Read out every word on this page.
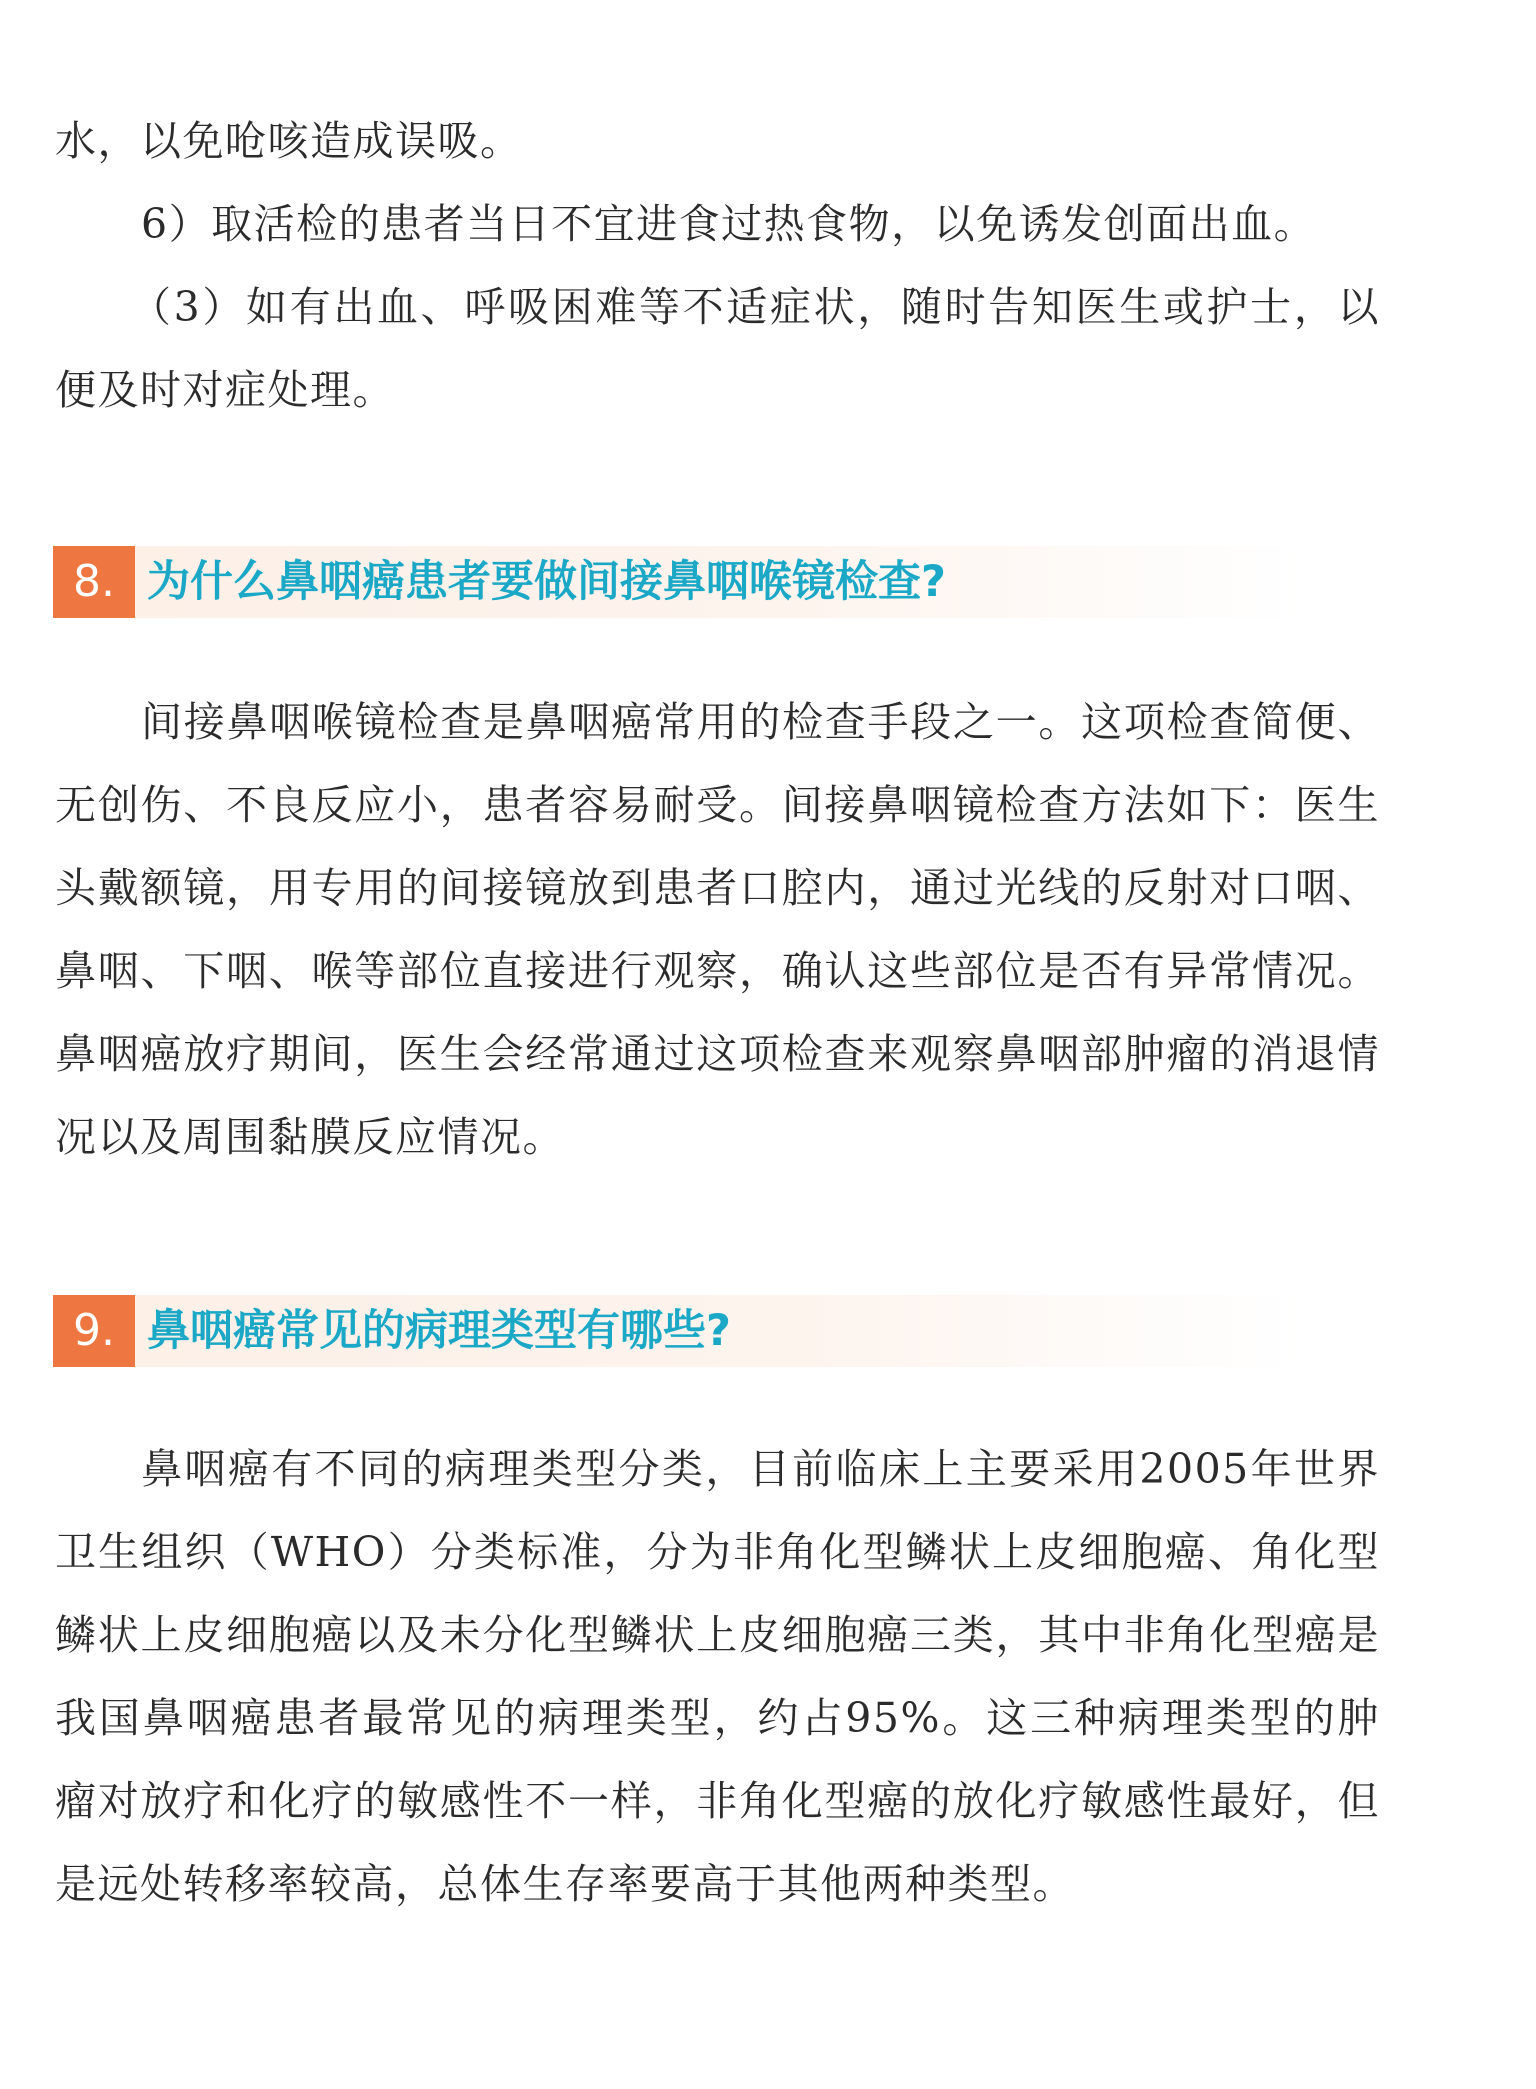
水，以免呛咳造成误吸。

6）取活检的患者当日不宜进食过热食物，以免诱发创面出血。

（3）如有出血、呼吸困难等不适症状，随时告知医生或护士，以便及时对症处理。

8. 为什么鼻咽癌患者要做间接鼻咽喉镜检查?

间接鼻咽喉镜检查是鼻咽癌常用的检查手段之一。这项检查简便、无创伤、不良反应小，患者容易耐受。间接鼻咽镜检查方法如下：医生头戴额镜，用专用的间接镜放到患者口腔内，通过光线的反射对口咽、鼻咽、下咽、喉等部位直接进行观察，确认这些部位是否有异常情况。鼻咽癌放疗期间，医生会经常通过这项检查来观察鼻咽部肿瘤的消退情况以及周围黏膜反应情况。

9. 鼻咽癌常见的病理类型有哪些?

鼻咽癌有不同的病理类型分类，目前临床上主要采用2005年世界卫生组织（WHO）分类标准，分为非角化型鳞状上皮细胞癌、角化型鳞状上皮细胞癌以及未分化型鳞状上皮细胞癌三类，其中非角化型癌是我国鼻咽癌患者最常见的病理类型，约占95%。这三种病理类型的肿瘤对放疗和化疗的敏感性不一样，非角化型癌的放化疗敏感性最好，但是远处转移率较高，总体生存率要高于其他两种类型。
